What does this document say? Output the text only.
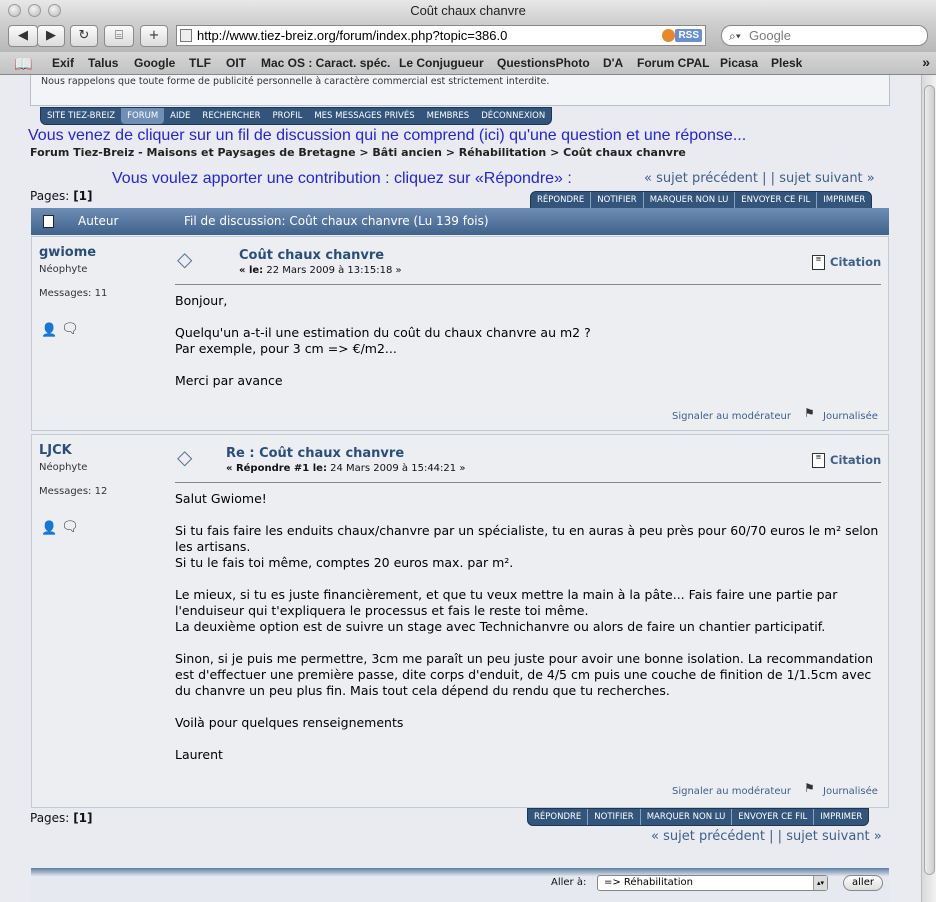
Coût chaux chanvre
◀	▶	↻	⌸	+	http://www.tiez-breiz.org/forum/index.php?topic=386.0	RSS	⌕▾ Google
📖 Exif Talus Google TLF OIT Mac OS : Caract. spéc. Le Conjugueur QuestionsPhoto D'A Forum CPAL Picasa Plesk	»
Nous rappelons que toute forme de publicité personnelle à caractère commercial est strictement interdite.
SITE TIEZ-BREIZ FORUM AIDE RECHERCHER PROFIL MES MESSAGES PRIVÉS MEMBRES DÉCONNEXION
Vous venez de cliquer sur un fil de discussion qui ne comprend (ici) qu'une question et une réponse...
Forum Tiez-Breiz - Maisons et Paysages de Bretagne > Bâti ancien > Réhabilitation > Coût chaux chanvre
Vous voulez apporter une contribution : cliquez sur «Répondre» :	« sujet précédent | | sujet suivant »
Pages: [1]	RÉPONDRE NOTIFIER MARQUER NON LU ENVOYER CE FIL IMPRIMER
Auteur	Fil de discussion: Coût chaux chanvre (Lu 139 fois)
gwiome
Néophyte
Messages: 11
👤 🗨
◇	Coût chaux chanvre
« le: 22 Mars 2009 à 13:15:18 »
≡ Citation
Bonjour,

Quelqu'un a-t-il une estimation du coût du chaux chanvre au m2 ?
Par exemple, pour 3 cm => €/m2...

Merci par avance
Signaler au modérateur ⚑ Journalisée
LJCK
Néophyte
Messages: 12
👤 🗨
◇	Re : Coût chaux chanvre
« Répondre #1 le: 24 Mars 2009 à 15:44:21 »
≡ Citation
Salut Gwiome!

Si tu fais faire les enduits chaux/chanvre par un spécialiste, tu en auras à peu près pour 60/70 euros le m² selon les artisans.
Si tu le fais toi même, comptes 20 euros max. par m².

Le mieux, si tu es juste financièrement, et que tu veux mettre la main à la pâte... Fais faire une partie par l'enduiseur qui t'expliquera le processus et fais le reste toi même.
La deuxième option est de suivre un stage avec Technichanvre ou alors de faire un chantier participatif.

Sinon, si je puis me permettre, 3cm me paraît un peu juste pour avoir une bonne isolation. La recommandation est d'effectuer une première passe, dite corps d'enduit, de 4/5 cm puis une couche de finition de 1/1.5cm avec du chanvre un peu plus fin. Mais tout cela dépend du rendu que tu recherches.

Voilà pour quelques renseignements

Laurent
Signaler au modérateur ⚑ Journalisée
Pages: [1]	RÉPONDRE NOTIFIER MARQUER NON LU ENVOYER CE FIL IMPRIMER
« sujet précédent | | sujet suivant »
Aller à:	=> Réhabilitation	▴▾	aller
